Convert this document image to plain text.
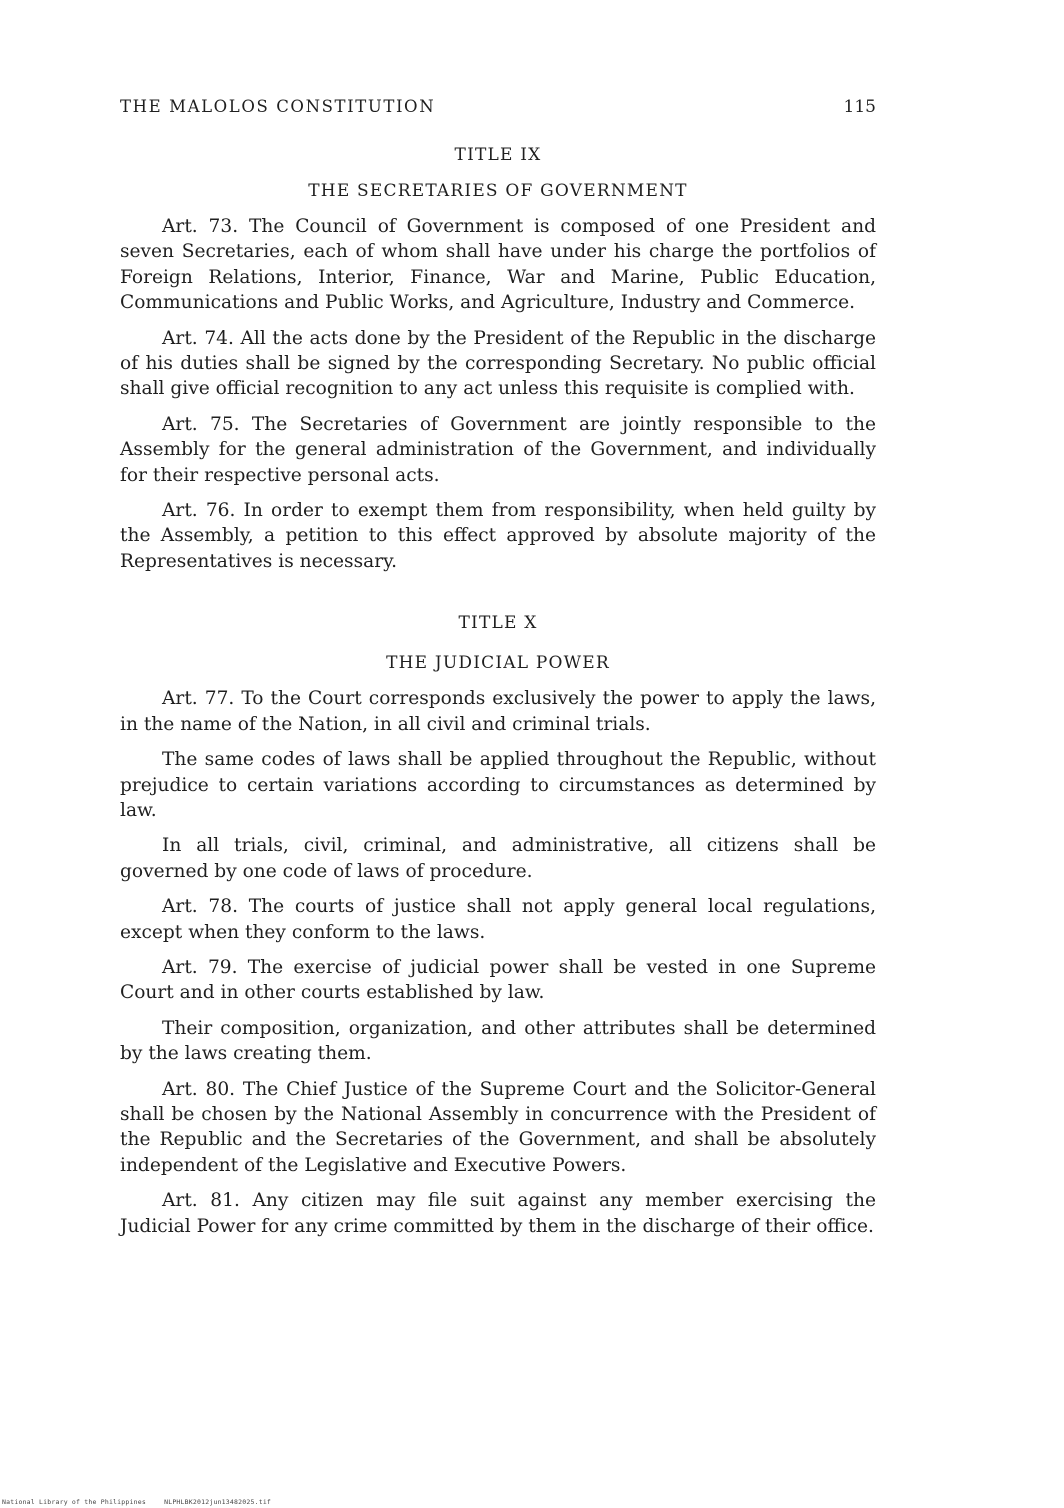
THE MALOLOS CONSTITUTION	115
TITLE IX
THE SECRETARIES OF GOVERNMENT

Art. 73. The Council of Government is composed of one President and seven Secretaries, each of whom shall have under his charge the portfolios of Foreign Relations, Interior, Finance, War and Marine, Public Education, Communications and Public Works, and Agriculture, Industry and Commerce.

Art. 74. All the acts done by the President of the Republic in the discharge of his duties shall be signed by the corresponding Secretary. No public official shall give official recognition to any act unless this requisite is complied with.

Art. 75. The Secretaries of Government are jointly responsible to the Assembly for the general administration of the Government, and individually for their respective personal acts.

Art. 76. In order to exempt them from responsibility, when held guilty by the Assembly, a petition to this effect approved by absolute majority of the Representatives is necessary.

TITLE X
THE JUDICIAL POWER

Art. 77. To the Court corresponds exclusively the power to apply the laws, in the name of the Nation, in all civil and criminal trials.

The same codes of laws shall be applied throughout the Republic, without prejudice to certain variations according to circumstances as determined by law.

In all trials, civil, criminal, and administrative, all citizens shall be governed by one code of laws of procedure.

Art. 78. The courts of justice shall not apply general local regulations, except when they conform to the laws.

Art. 79. The exercise of judicial power shall be vested in one Supreme Court and in other courts established by law.

Their composition, organization, and other attributes shall be determined by the laws creating them.

Art. 80. The Chief Justice of the Supreme Court and the Solicitor-General shall be chosen by the National Assembly in concurrence with the President of the Republic and the Secretaries of the Government, and shall be absolutely independent of the Legislative and Executive Powers.

Art. 81. Any citizen may file suit against any member exercising the Judicial Power for any crime committed by them in the discharge of their office.

National Library of the Philippines	NLPHLBK2012jun13482025.tif
